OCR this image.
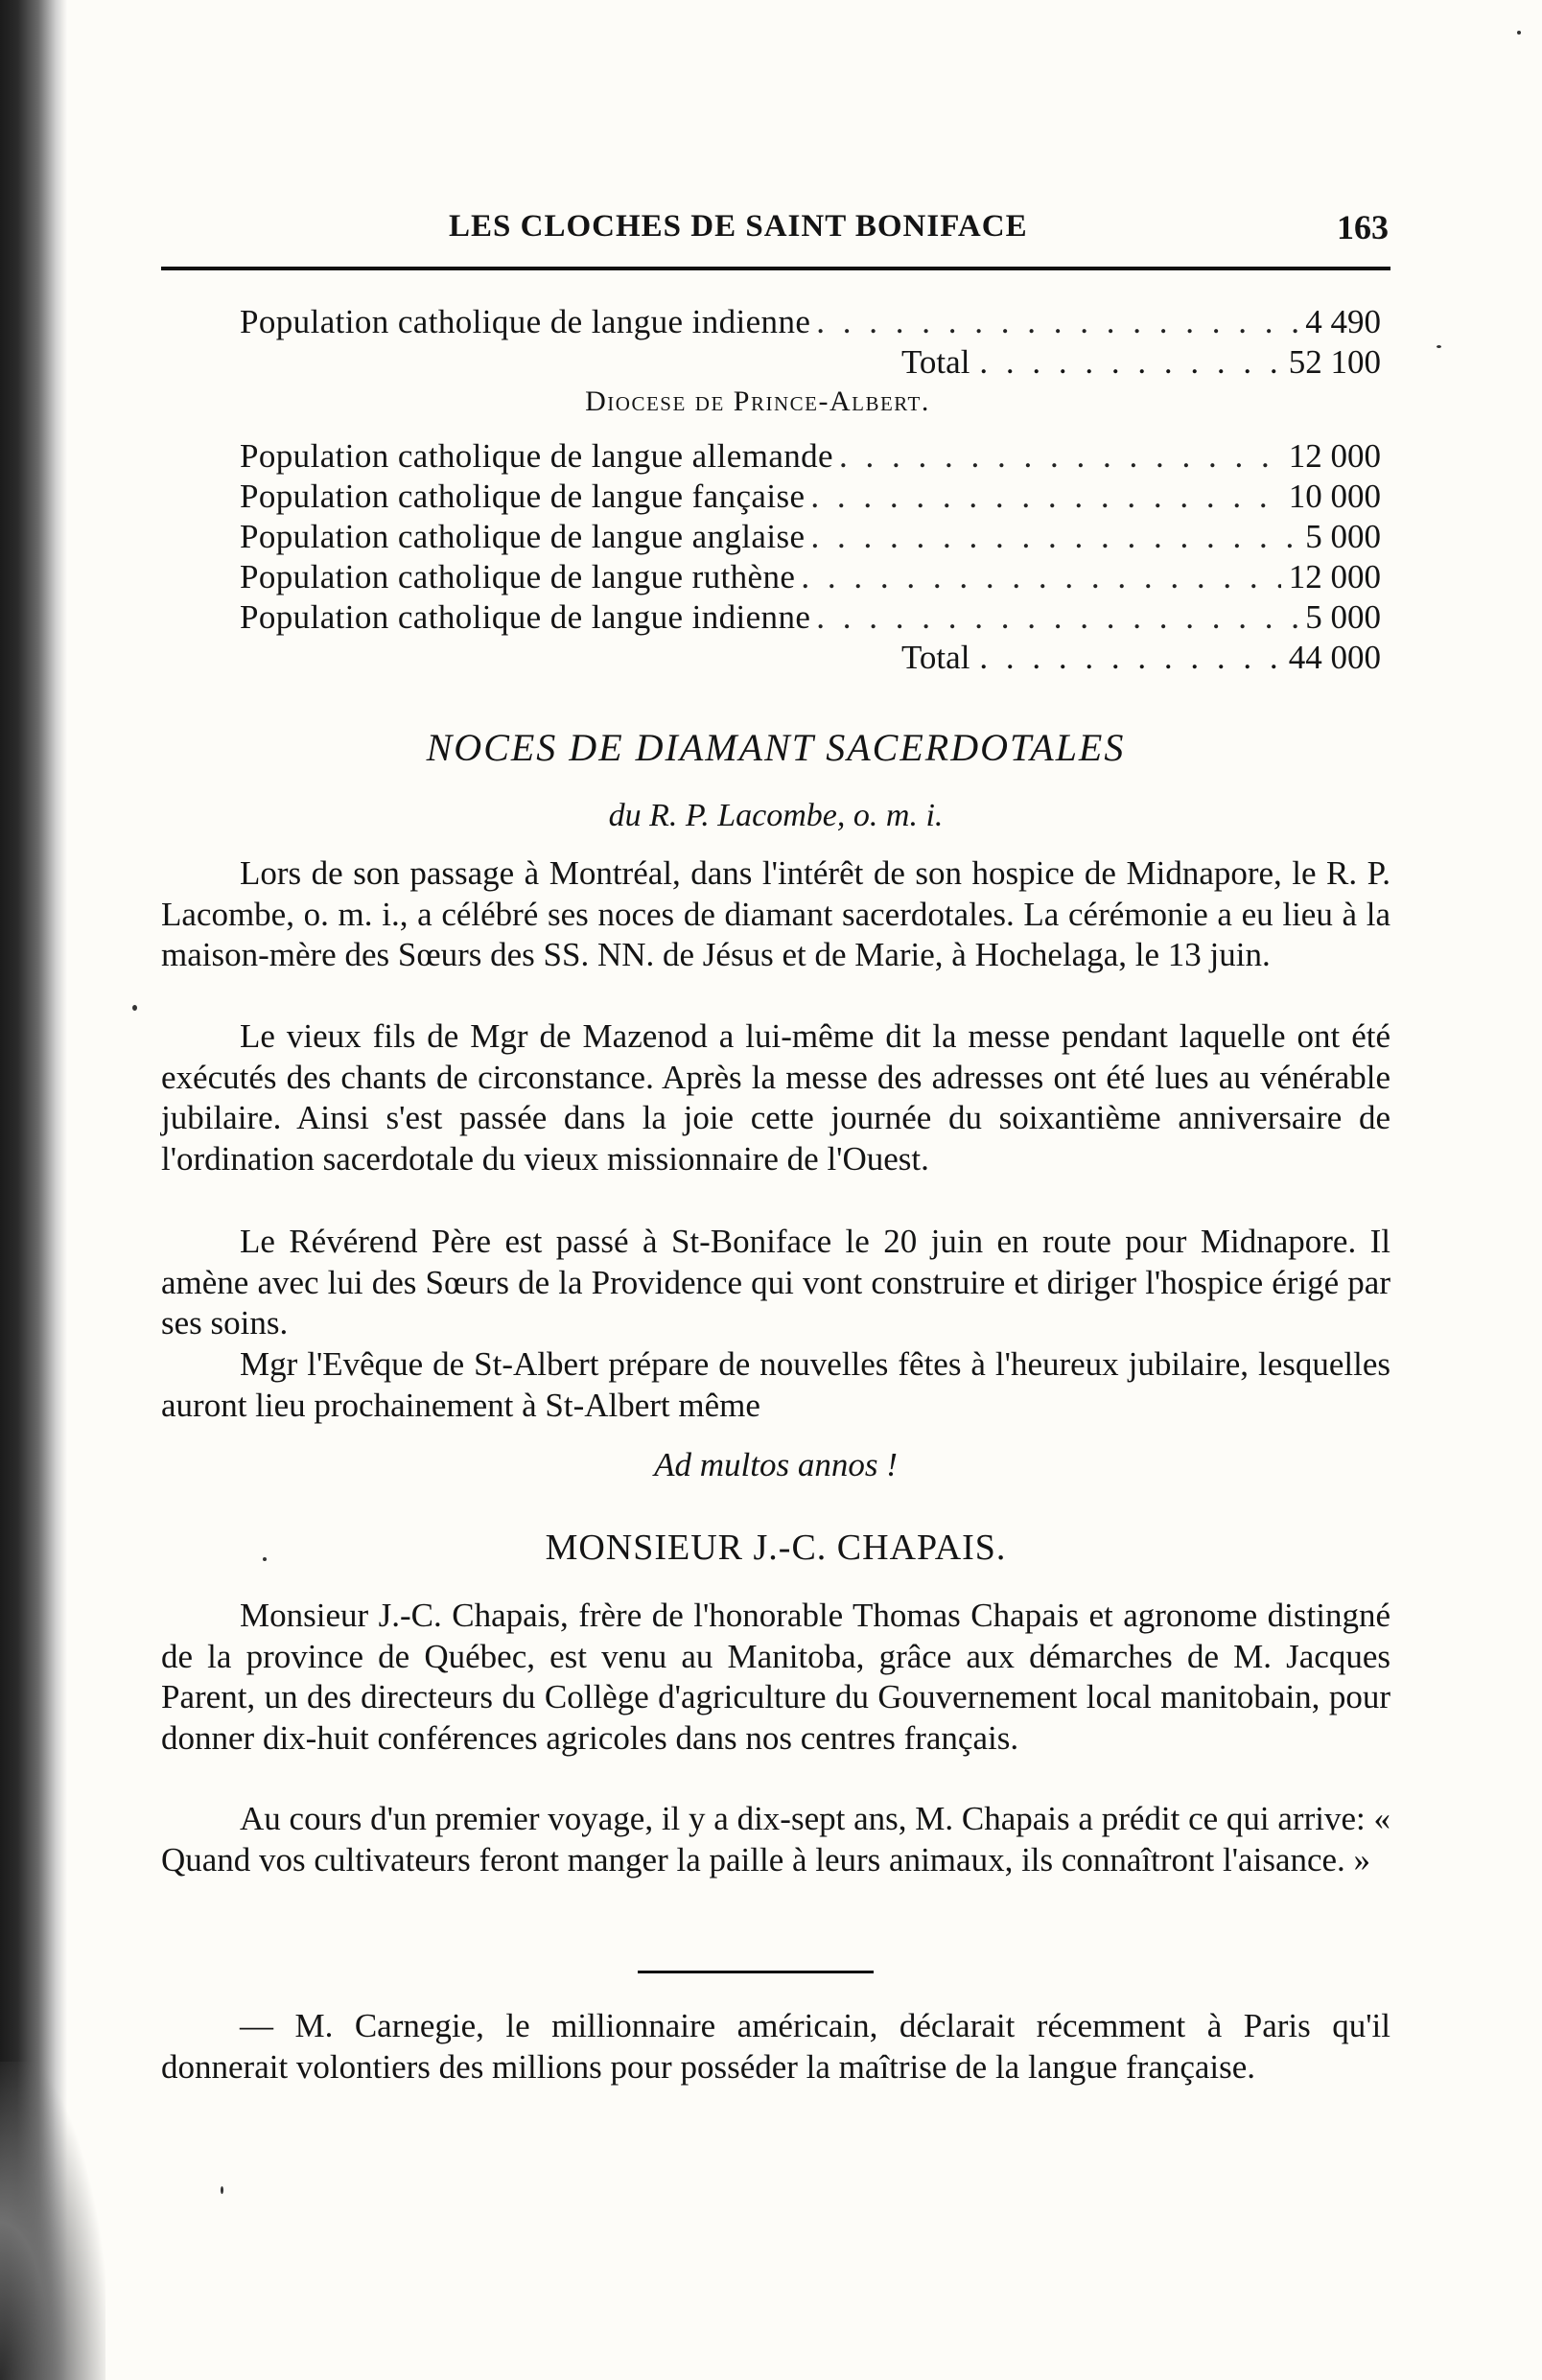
LES CLOCHES DE SAINT BONIFACE	163
Population catholique de langue indienne . . .	4 490
Total . . .	52 100
Diocese de Prince-Albert.
Population catholique de langue allemande . . .	12 000
Population catholique de langue fançaise . . .	10 000
Population catholique de langue anglaise . . .	5 000
Population catholique de langue ruthène . . .	12 000
Population catholique de langue indienne . . .	5 000
Total . . .	44 000
NOCES DE DIAMANT SACERDOTALES
du R. P. Lacombe, o. m. i.
Lors de son passage à Montréal, dans l'intérêt de son hospice de Midnapore, le R. P. Lacombe, o. m. i., a célébré ses noces de diamant sacerdotales. La cérémonie a eu lieu à la maison-mère des Sœurs des SS. NN. de Jésus et de Marie, à Hochelaga, le 13 juin.
Le vieux fils de Mgr de Mazenod a lui-même dit la messe pendant laquelle ont été exécutés des chants de circonstance. Après la messe des adresses ont été lues au vénérable jubilaire. Ainsi s'est passée dans la joie cette journée du soixantième anniversaire de l'ordination sacerdotale du vieux missionnaire de l'Ouest.
Le Révérend Père est passé à St-Boniface le 20 juin en route pour Midnapore. Il amène avec lui des Sœurs de la Providence qui vont construire et diriger l'hospice érigé par ses soins.
Mgr l'Evêque de St-Albert prépare de nouvelles fêtes à l'heureux jubilaire, lesquelles auront lieu prochainement à St-Albert même
Ad multos annos !
MONSIEUR J.-C. CHAPAIS.
Monsieur J.-C. Chapais, frère de l'honorable Thomas Chapais et agronome distingné de la province de Québec, est venu au Manitoba, grâce aux démarches de M. Jacques Parent, un des directeurs du Collège d'agriculture du Gouvernement local manitobain, pour donner dix-huit conférences agricoles dans nos centres français.
Au cours d'un premier voyage, il y a dix-sept ans, M. Chapais a prédit ce qui arrive: « Quand vos cultivateurs feront manger la paille à leurs animaux, ils connaîtront l'aisance. »
— M. Carnegie, le millionnaire américain, déclarait récemment à Paris qu'il donnerait volontiers des millions pour posséder la maîtrise de la langue française.
